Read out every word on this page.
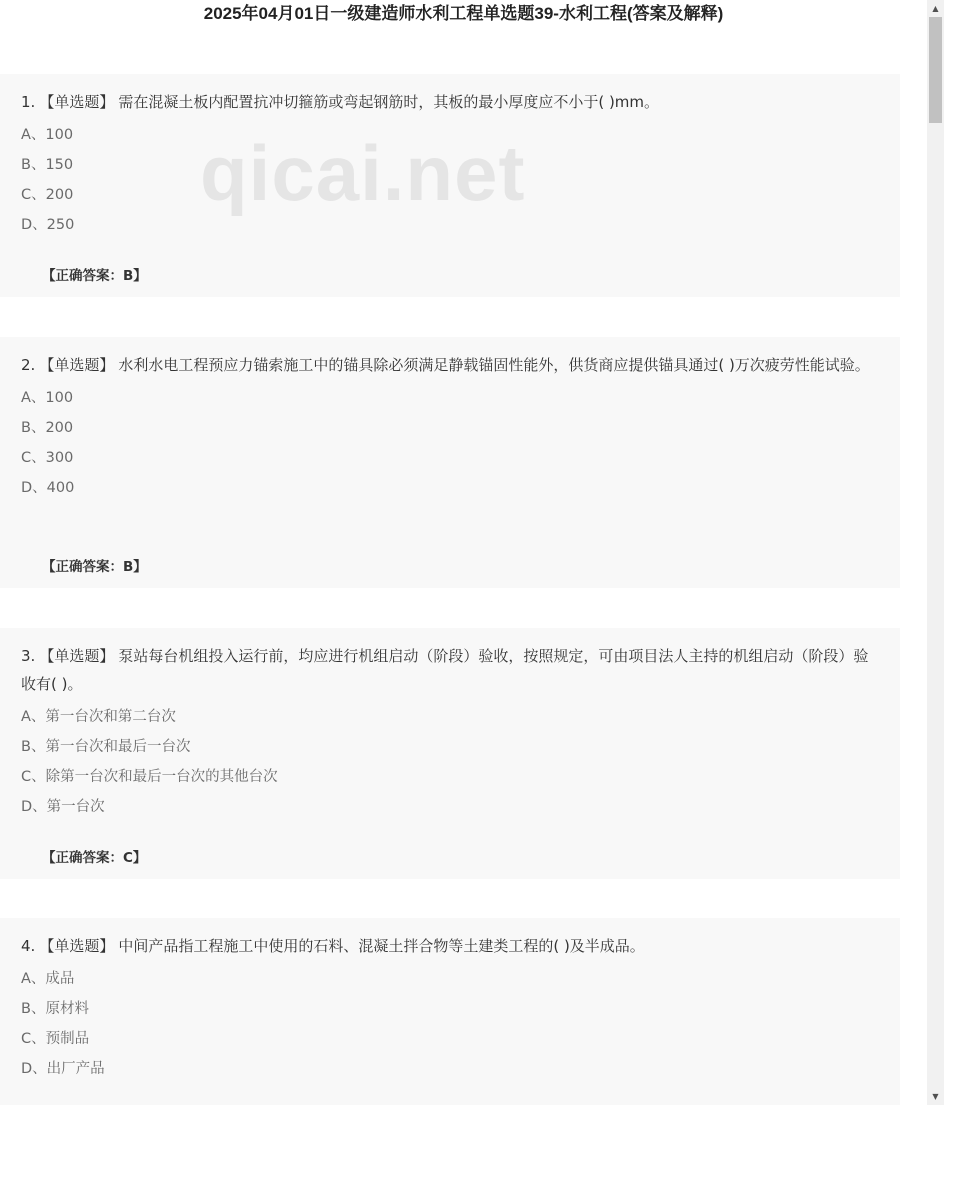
2025年04月01日一级建造师水利工程单选题39-水利工程(答案及解释)
1. 【单选题】 需在混凝土板内配置抗冲切箍筋或弯起钢筋时，其板的最小厚度应不小于( )mm。
A、100
B、150
C、200
D、250
【正确答案：B】
2. 【单选题】 水利水电工程预应力锚索施工中的锚具除必须满足静载锚固性能外，供货商应提供锚具通过( )万次疲劳性能试验。
A、100
B、200
C、300
D、400
【正确答案：B】
3. 【单选题】 泵站每台机组投入运行前，均应进行机组启动（阶段）验收，按照规定，可由项目法人主持的机组启动（阶段）验收有( )。
A、第一台次和第二台次
B、第一台次和最后一台次
C、除第一台次和最后一台次的其他台次
D、第一台次
【正确答案：C】
4. 【单选题】 中间产品指工程施工中使用的石料、混凝土拌合物等土建类工程的( )及半成品。
A、成品
B、原材料
C、预制品
D、出厂产品
qicai.net
▲
▼
